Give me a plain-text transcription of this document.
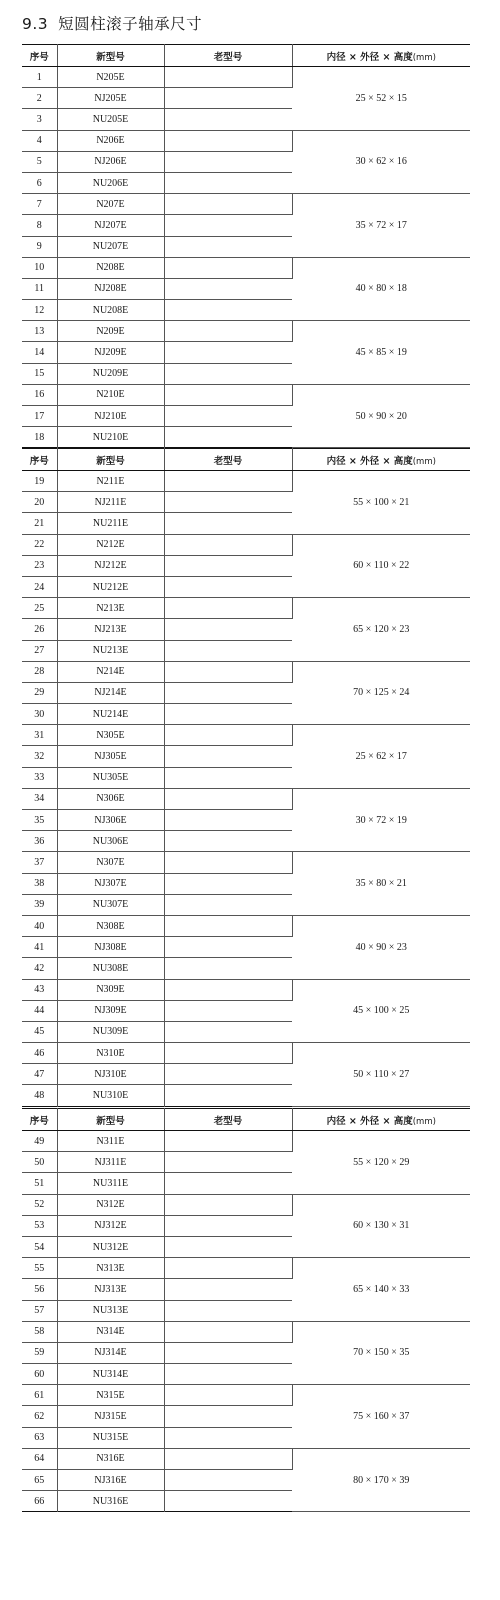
9.3 短圆柱滚子轴承尺寸
序号	新型号	老型号	内径 × 外径 × 高度(mm)
1	N205E		25 × 52 × 15
2	NJ205E		
3	NU205E		
4	N206E		30 × 62 × 16
5	NJ206E		
6	NU206E		
7	N207E		35 × 72 × 17
8	NJ207E		
9	NU207E		
10	N208E		40 × 80 × 18
11	NJ208E		
12	NU208E		
13	N209E		45 × 85 × 19
14	NJ209E		
15	NU209E		
16	N210E		50 × 90 × 20
17	NJ210E		
18	NU210E		
序号	新型号	老型号	内径 × 外径 × 高度(mm)
19	N211E		55 × 100 × 21
20	NJ211E		
21	NU211E		
22	N212E		60 × 110 × 22
23	NJ212E		
24	NU212E		
25	N213E		65 × 120 × 23
26	NJ213E		
27	NU213E		
28	N214E		70 × 125 × 24
29	NJ214E		
30	NU214E		
31	N305E		25 × 62 × 17
32	NJ305E		
33	NU305E		
34	N306E		30 × 72 × 19
35	NJ306E		
36	NU306E		
37	N307E		35 × 80 × 21
38	NJ307E		
39	NU307E		
40	N308E		40 × 90 × 23
41	NJ308E		
42	NU308E		
43	N309E		45 × 100 × 25
44	NJ309E		
45	NU309E		
46	N310E		50 × 110 × 27
47	NJ310E		
48	NU310E		
序号	新型号	老型号	内径 × 外径 × 高度(mm)
49	N311E		55 × 120 × 29
50	NJ311E		
51	NU311E		
52	N312E		60 × 130 × 31
53	NJ312E		
54	NU312E		
55	N313E		65 × 140 × 33
56	NJ313E		
57	NU313E		
58	N314E		70 × 150 × 35
59	NJ314E		
60	NU314E		
61	N315E		75 × 160 × 37
62	NJ315E		
63	NU315E		
64	N316E		80 × 170 × 39
65	NJ316E		
66	NU316E		
